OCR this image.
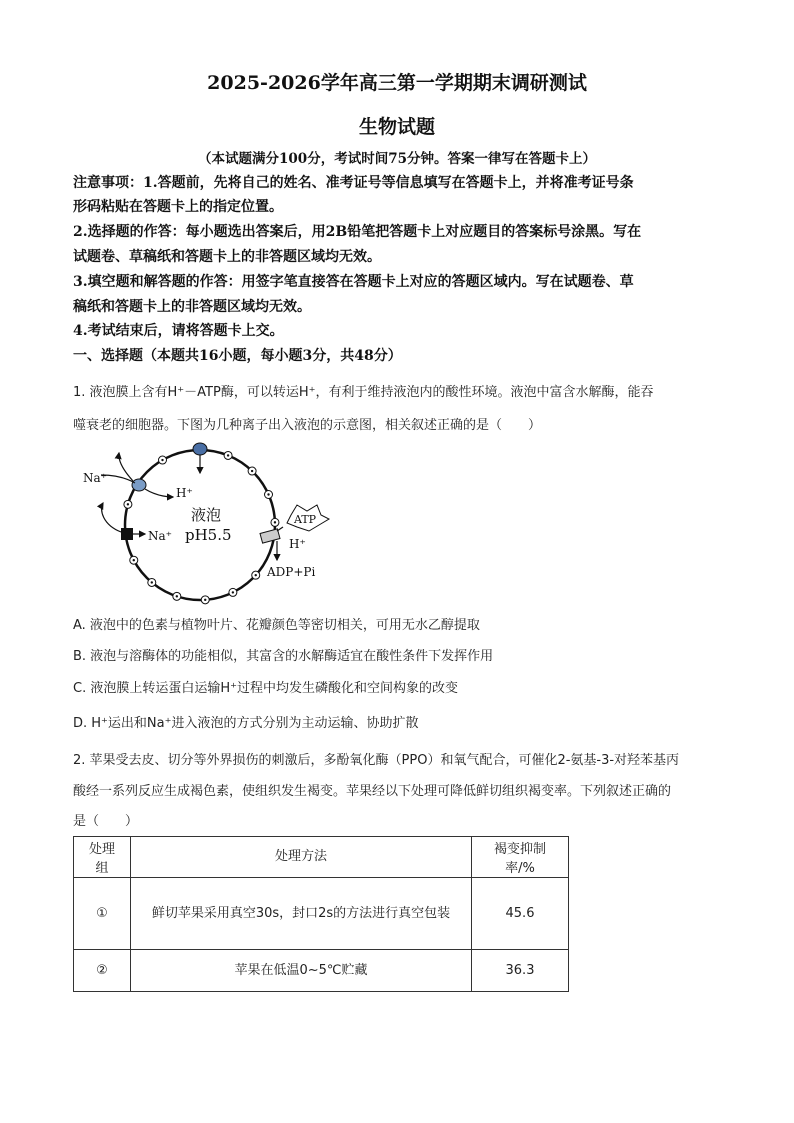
2025-2026学年高三第一学期期末调研测试
生物试题
（本试题满分100分，考试时间75分钟。答案一律写在答题卡上）
注意事项：1.答题前，先将自己的姓名、准考证号等信息填写在答题卡上，并将准考证号条
形码粘贴在答题卡上的指定位置。
2.选择题的作答：每小题选出答案后，用2B铅笔把答题卡上对应题目的答案标号涂黑。写在
试题卷、草稿纸和答题卡上的非答题区域均无效。
3.填空题和解答题的作答：用签字笔直接答在答题卡上对应的答题区域内。写在试题卷、草
稿纸和答题卡上的非答题区域均无效。
4.考试结束后，请将答题卡上交。
一、选择题（本题共16小题，每小题3分，共48分）
1. 液泡膜上含有H⁺－ATP酶，可以转运H⁺，有利于维持液泡内的酸性环境。液泡中富含水解酶，能吞
噬衰老的细胞器。下图为几种离子出入液泡的示意图，相关叙述正确的是（　　）
Na⁺
H⁺
Na⁺
液泡
pH5.5
ATP
H⁺
ADP+Pi
A. 液泡中的色素与植物叶片、花瓣颜色等密切相关，可用无水乙醇提取
B. 液泡与溶酶体的功能相似，其富含的水解酶适宜在酸性条件下发挥作用
C. 液泡膜上转运蛋白运输H⁺过程中均发生磷酸化和空间构象的改变
D. H⁺运出和Na⁺进入液泡的方式分别为主动运输、协助扩散
2. 苹果受去皮、切分等外界损伤的刺激后，多酚氧化酶（PPO）和氧气配合，可催化2-氨基-3-对羟苯基丙
酸经一系列反应生成褐色素，使组织发生褐变。苹果经以下处理可降低鲜切组织褐变率。下列叙述正确的
是（　　）
处理组	处理方法	褐变抑制率/%
①	鲜切苹果采用真空30s，封口2s的方法进行真空包装	45.6
②	苹果在低温0~5℃贮藏	36.3
